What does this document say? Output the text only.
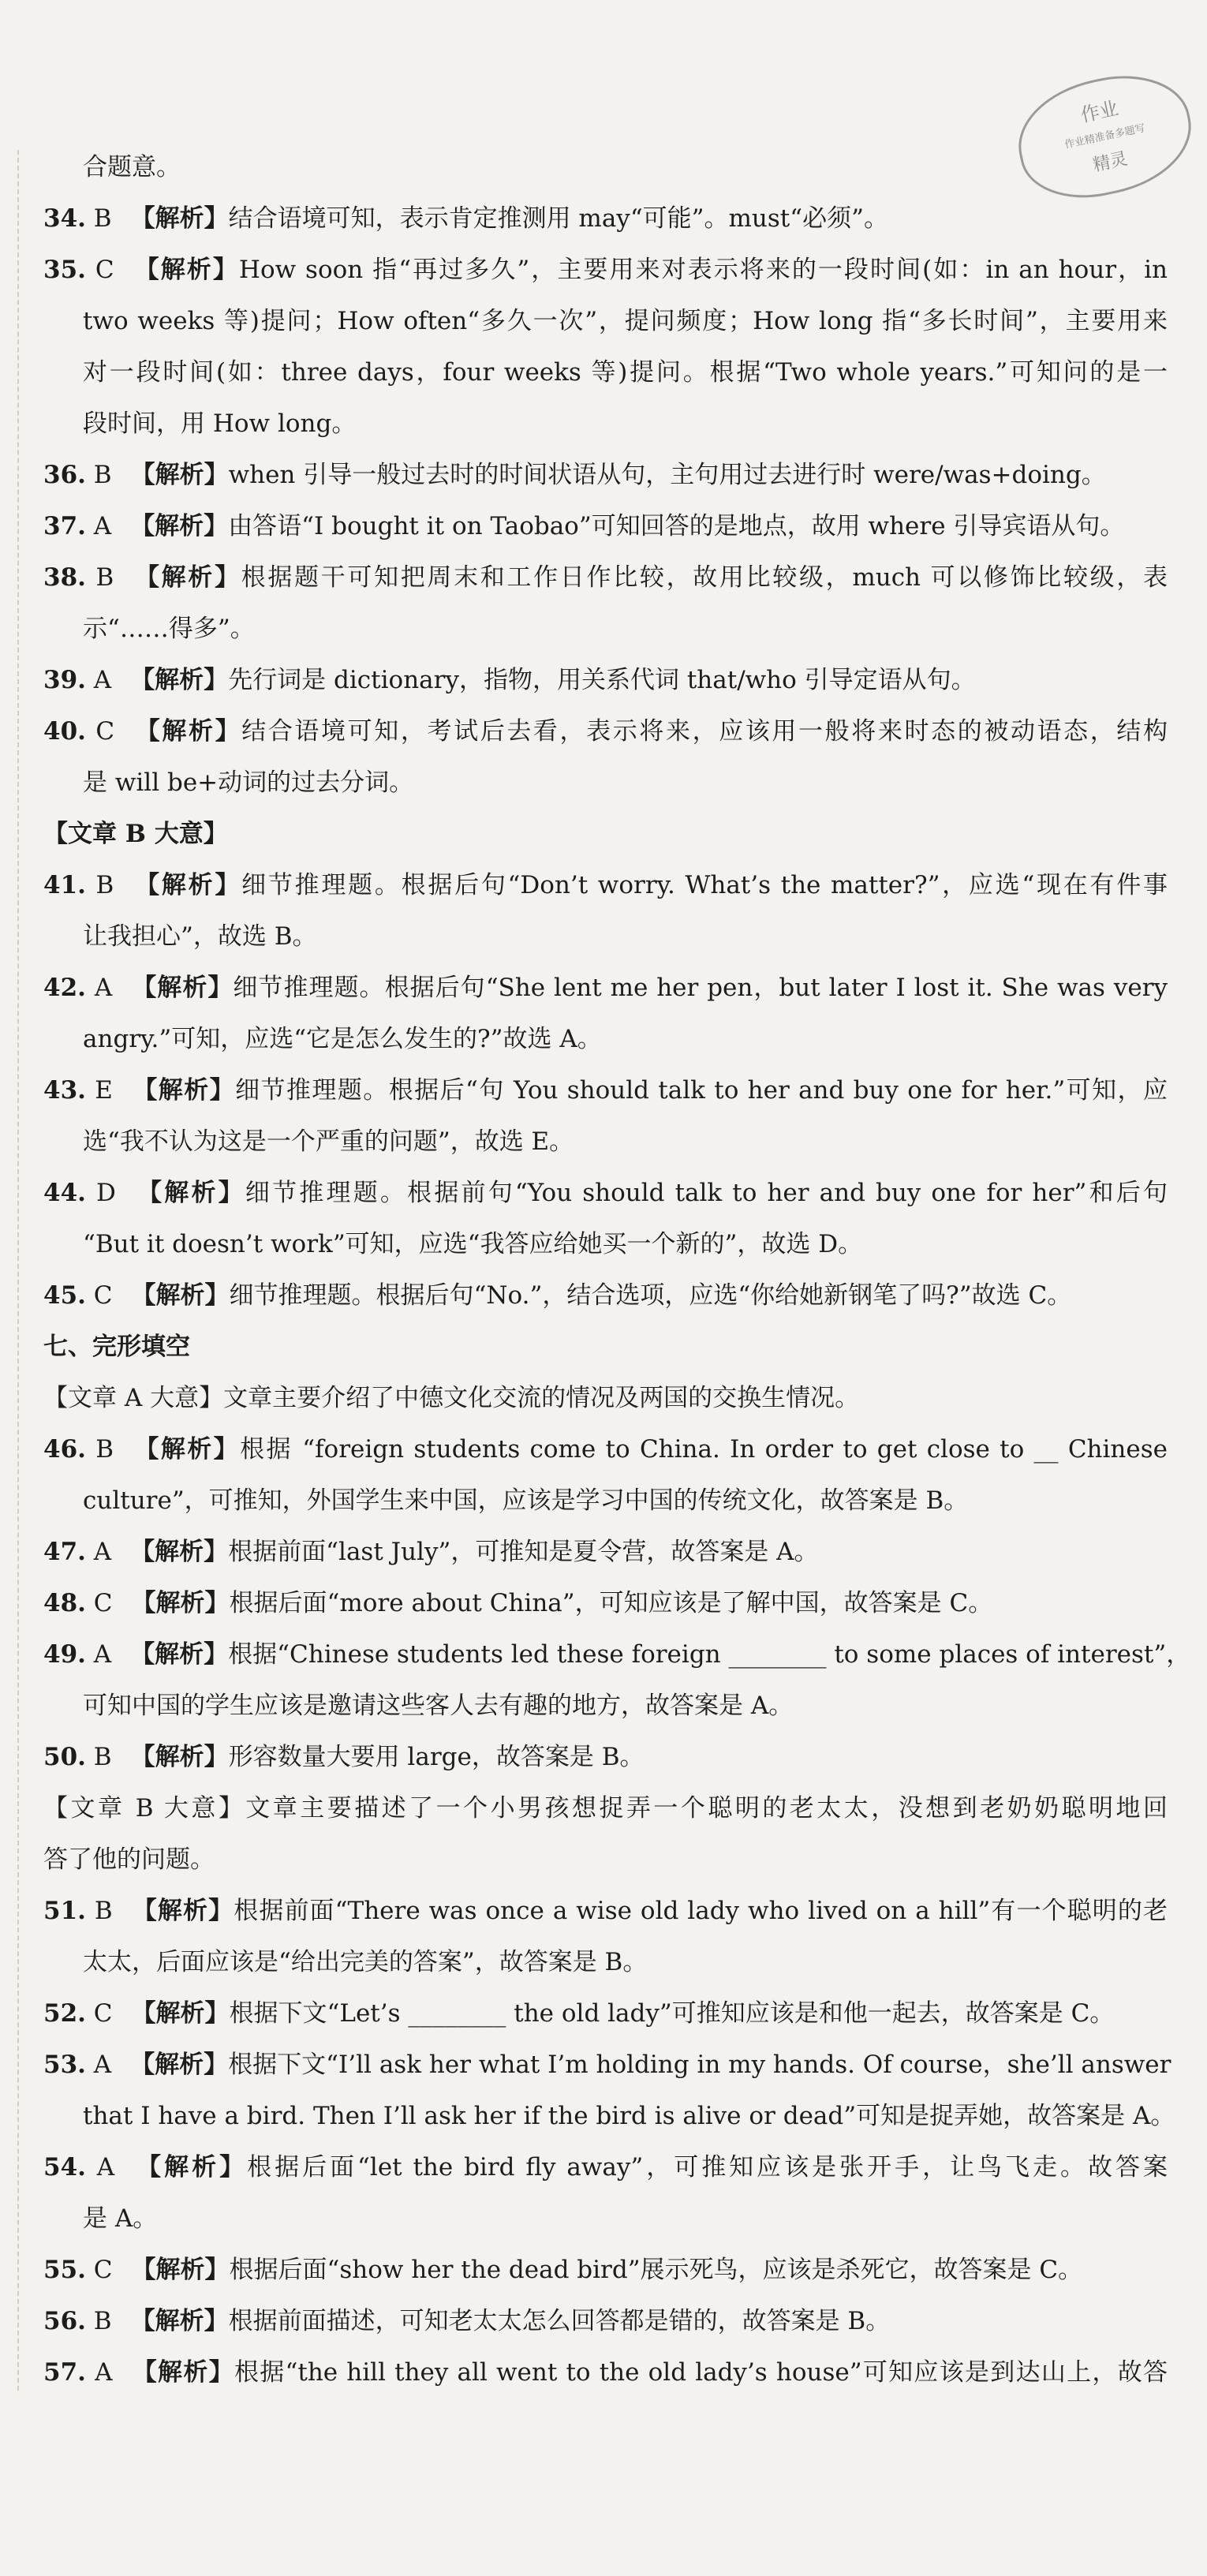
作业
作业精准备多题写
精灵
合题意。
34. B 【解析】结合语境可知，表示肯定推测用 may“可能”。must“必须”。
35. C 【解析】How soon 指“再过多久”，主要用来对表示将来的一段时间(如：in an hour，in
two weeks 等)提问；How often“多久一次”，提问频度；How long 指“多长时间”，主要用来
对一段时间(如：three days，four weeks 等)提问。根据“Two whole years.”可知问的是一
段时间，用 How long。
36. B 【解析】when 引导一般过去时的时间状语从句，主句用过去进行时 were/was+doing。
37. A 【解析】由答语“I bought it on Taobao”可知回答的是地点，故用 where 引导宾语从句。
38. B 【解析】根据题干可知把周末和工作日作比较，故用比较级，much 可以修饰比较级，表
示“……得多”。
39. A 【解析】先行词是 dictionary，指物，用关系代词 that/who 引导定语从句。
40. C 【解析】结合语境可知，考试后去看，表示将来，应该用一般将来时态的被动语态，结构
是 will be+动词的过去分词。
【文章 B 大意】
41. B 【解析】细节推理题。根据后句“Don’t worry. What’s the matter?”，应选“现在有件事
让我担心”，故选 B。
42. A 【解析】细节推理题。根据后句“She lent me her pen，but later I lost it. She was very
angry.”可知，应选“它是怎么发生的?”故选 A。
43. E 【解析】细节推理题。根据后“句 You should talk to her and buy one for her.”可知，应
选“我不认为这是一个严重的问题”，故选 E。
44. D 【解析】细节推理题。根据前句“You should talk to her and buy one for her”和后句
“But it doesn’t work”可知，应选“我答应给她买一个新的”，故选 D。
45. C 【解析】细节推理题。根据后句“No.”，结合选项，应选“你给她新钢笔了吗?”故选 C。
七、完形填空
【文章 A 大意】文章主要介绍了中德文化交流的情况及两国的交换生情况。
46. B 【解析】根据 “foreign students come to China. In order to get close to __ Chinese
culture”，可推知，外国学生来中国，应该是学习中国的传统文化，故答案是 B。
47. A 【解析】根据前面“last July”，可推知是夏令营，故答案是 A。
48. C 【解析】根据后面“more about China”，可知应该是了解中国，故答案是 C。
49. A 【解析】根据“Chinese students led these foreign ________ to some places of interest”，
可知中国的学生应该是邀请这些客人去有趣的地方，故答案是 A。
50. B 【解析】形容数量大要用 large，故答案是 B。
【文章 B 大意】文章主要描述了一个小男孩想捉弄一个聪明的老太太，没想到老奶奶聪明地回
答了他的问题。
51. B 【解析】根据前面“There was once a wise old lady who lived on a hill”有一个聪明的老
太太，后面应该是“给出完美的答案”，故答案是 B。
52. C 【解析】根据下文“Let’s ________ the old lady”可推知应该是和他一起去，故答案是 C。
53. A 【解析】根据下文“I’ll ask her what I’m holding in my hands. Of course，she’ll answer
that I have a bird. Then I’ll ask her if the bird is alive or dead”可知是捉弄她，故答案是 A。
54. A 【解析】根据后面“let the bird fly away”，可推知应该是张开手，让鸟飞走。故答案
是 A。
55. C 【解析】根据后面“show her the dead bird”展示死鸟，应该是杀死它，故答案是 C。
56. B 【解析】根据前面描述，可知老太太怎么回答都是错的，故答案是 B。
57. A 【解析】根据“the hill they all went to the old lady’s house”可知应该是到达山上，故答
